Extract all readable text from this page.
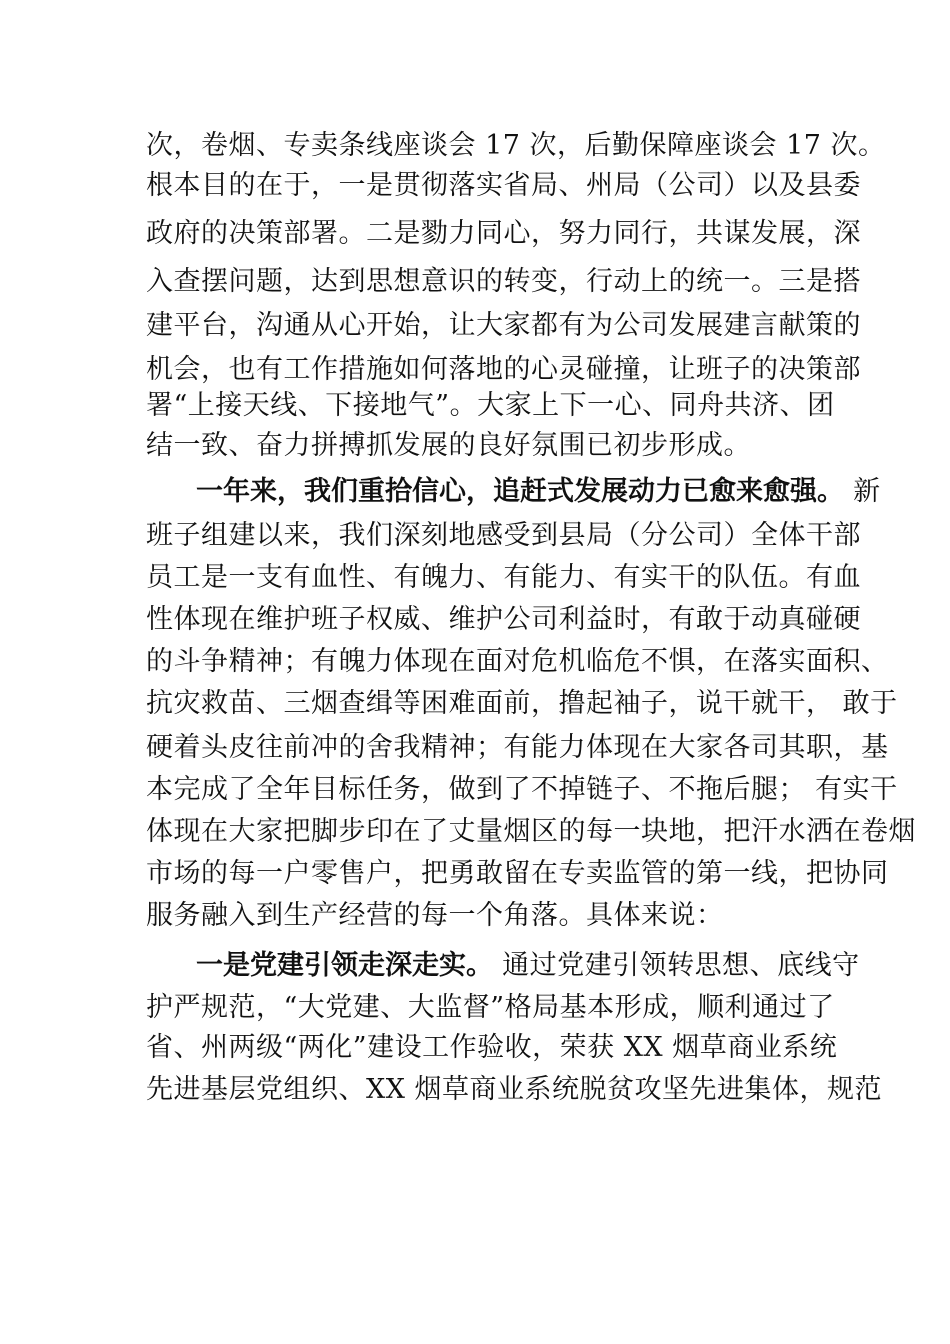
次，卷烟、专卖条线座谈会 17 次，后勤保障座谈会 17 次。
根本目的在于，一是贯彻落实省局、州局（公司）以及县委
政府的决策部署。二是勠力同心，努力同行，共谋发展，深
入查摆问题，达到思想意识的转变，行动上的统一。三是搭
建平台，沟通从心开始，让大家都有为公司发展建言献策的
机会，也有工作措施如何落地的心灵碰撞，让班子的决策部
署“上接天线、下接地气”。大家上下一心、同舟共济、团
结一致、奋力拼搏抓发展的良好氛围已初步形成。
一年来，我们重拾信心，追赶式发展动力已愈来愈强。 新
班子组建以来，我们深刻地感受到县局（分公司）全体干部
员工是一支有血性、有魄力、有能力、有实干的队伍。有血
性体现在维护班子权威、维护公司利益时，有敢于动真碰硬
的斗争精神；有魄力体现在面对危机临危不惧，在落实面积、
抗灾救苗、三烟查缉等困难面前，撸起袖子，说干就干， 敢于
硬着头皮往前冲的舍我精神；有能力体现在大家各司其职，基
本完成了全年目标任务，做到了不掉链子、不拖后腿； 有实干
体现在大家把脚步印在了丈量烟区的每一块地，把汗水洒在卷烟
市场的每一户零售户，把勇敢留在专卖监管的第一线，把协同
服务融入到生产经营的每一个角落。具体来说：
一是党建引领走深走实。 通过党建引领转思想、底线守
护严规范，“大党建、大监督”格局基本形成，顺利通过了
省、州两级“两化”建设工作验收，荣获 XX 烟草商业系统
先进基层党组织、XX 烟草商业系统脱贫攻坚先进集体，规范
